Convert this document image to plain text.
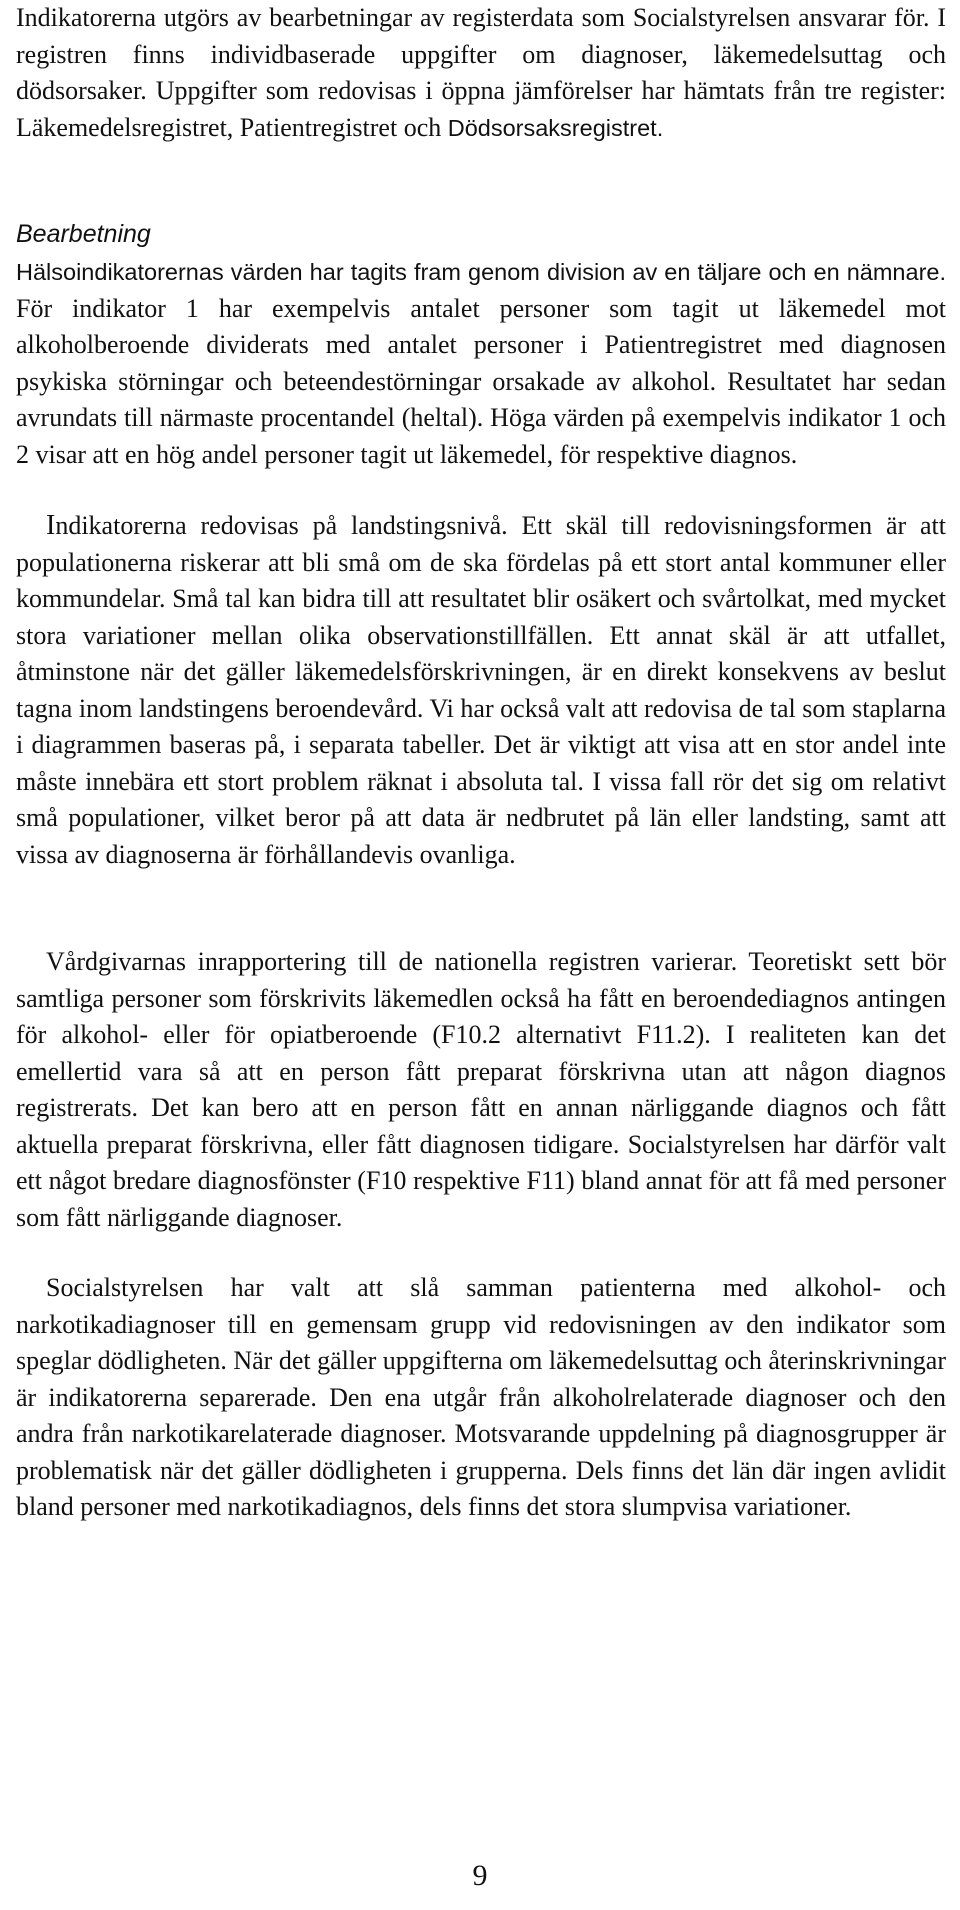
Indikatorerna utgörs av bearbetningar av registerdata som Socialstyrelsen ansvarar för. I registren finns individbaserade uppgifter om diagnoser, läkemedelsuttag och dödsorsaker. Uppgifter som redovisas i öppna jämförelser har hämtats från tre register: Läkemedelsregistret, Patientregistret och Dödsorsaksregistret.

Bearbetning

Hälsoindikatorernas värden har tagits fram genom division av en täljare och en nämnare. För indikator 1 har exempelvis antalet personer som tagit ut läkemedel mot alkoholberoende dividerats med antalet personer i Patientregistret med diagnosen psykiska störningar och beteendestörningar orsakade av alkohol. Resultatet har sedan avrundats till närmaste procentandel (heltal). Höga värden på exempelvis indikator 1 och 2 visar att en hög andel personer tagit ut läkemedel, för respektive diagnos.

Indikatorerna redovisas på landstingsnivå. Ett skäl till redovisningsformen är att populationerna riskerar att bli små om de ska fördelas på ett stort antal kommuner eller kommundelar. Små tal kan bidra till att resultatet blir osäkert och svårtolkat, med mycket stora variationer mellan olika observationstillfällen. Ett annat skäl är att utfallet, åtminstone när det gäller läkemedelsförskrivningen, är en direkt konsekvens av beslut tagna inom landstingens beroendevård. Vi har också valt att redovisa de tal som staplarna i diagrammen baseras på, i separata tabeller. Det är viktigt att visa att en stor andel inte måste innebära ett stort problem räknat i absoluta tal. I vissa fall rör det sig om relativt små populationer, vilket beror på att data är nedbrutet på län eller landsting, samt att vissa av diagnoserna är förhållandevis ovanliga.

Vårdgivarnas inrapportering till de nationella registren varierar. Teoretiskt sett bör samtliga personer som förskrivits läkemedlen också ha fått en beroendediagnos antingen för alkohol- eller för opiatberoende (F10.2 alternativt F11.2). I realiteten kan det emellertid vara så att en person fått preparat förskrivna utan att någon diagnos registrerats. Det kan bero att en person fått en annan närliggande diagnos och fått aktuella preparat förskrivna, eller fått diagnosen tidigare. Socialstyrelsen har därför valt ett något bredare diagnosfönster (F10 respektive F11) bland annat för att få med personer som fått närliggande diagnoser.

Socialstyrelsen har valt att slå samman patienterna med alkohol- och narkotikadiagnoser till en gemensam grupp vid redovisningen av den indikator som speglar dödligheten. När det gäller uppgifterna om läkemedelsuttag och återinskrivningar är indikatorerna separerade. Den ena utgår från alkoholrelaterade diagnoser och den andra från narkotikarelaterade diagnoser. Motsvarande uppdelning på diagnosgrupper är problematisk när det gäller dödligheten i grupperna. Dels finns det län där ingen avlidit bland personer med narkotikadiagnos, dels finns det stora slumpvisa variationer.

9
